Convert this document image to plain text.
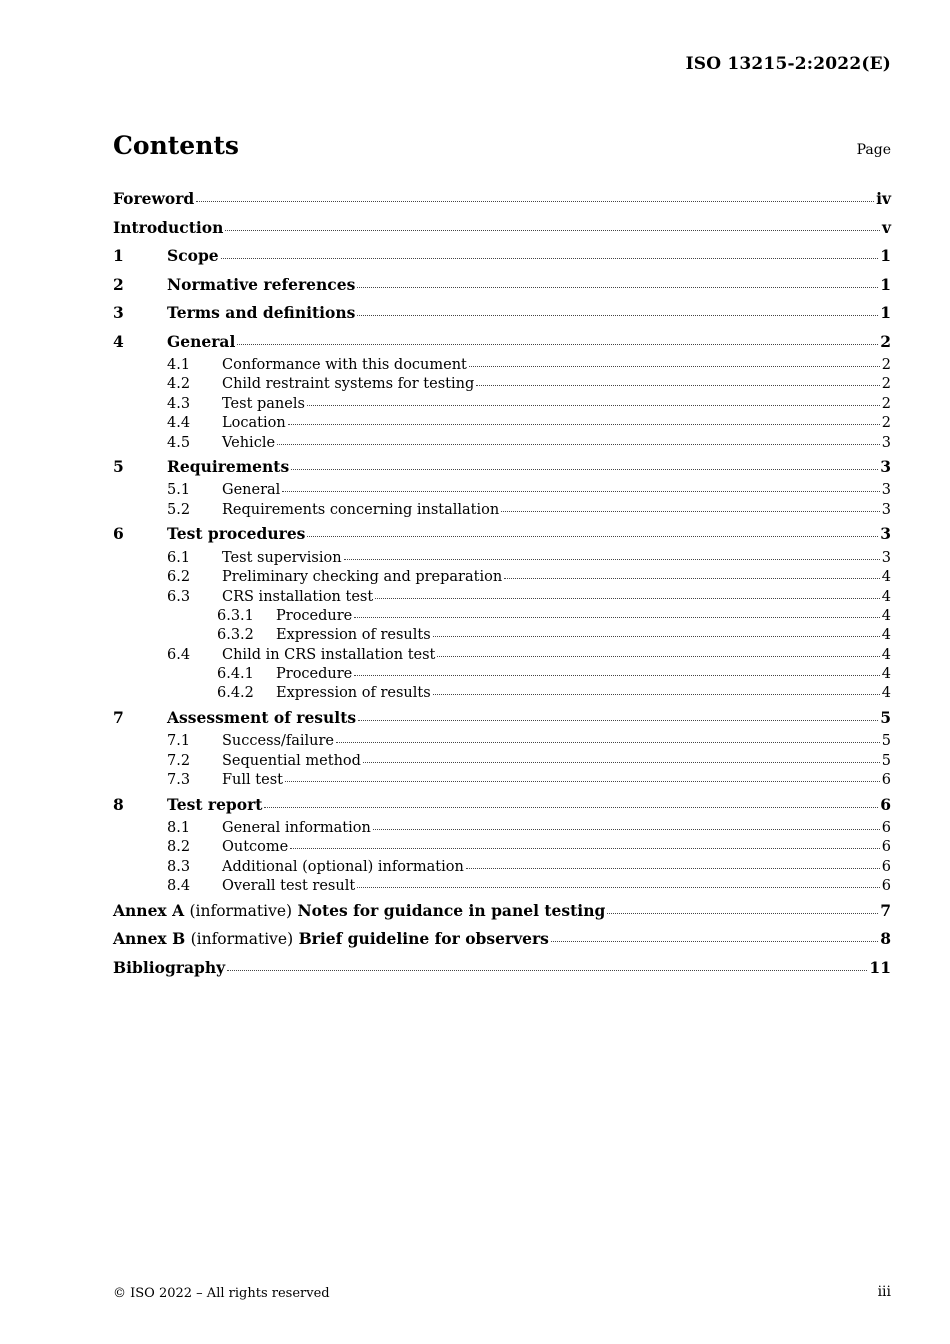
ISO 13215-2:2022(E)
Contents	Page
Foreword	iv
Introduction	v
1	Scope	1
2	Normative references	1
3	Terms and definitions	1
4	General	2
4.1	Conformance with this document	2
4.2	Child restraint systems for testing	2
4.3	Test panels	2
4.4	Location	2
4.5	Vehicle	3
5	Requirements	3
5.1	General	3
5.2	Requirements concerning installation	3
6	Test procedures	3
6.1	Test supervision	3
6.2	Preliminary checking and preparation	4
6.3	CRS installation test	4
6.3.1	Procedure	4
6.3.2	Expression of results	4
6.4	Child in CRS installation test	4
6.4.1	Procedure	4
6.4.2	Expression of results	4
7	Assessment of results	5
7.1	Success/failure	5
7.2	Sequential method	5
7.3	Full test	6
8	Test report	6
8.1	General information	6
8.2	Outcome	6
8.3	Additional (optional) information	6
8.4	Overall test result	6
Annex A (informative) Notes for guidance in panel testing	7
Annex B (informative) Brief guideline for observers	8
Bibliography	11
© ISO 2022 – All rights reserved	iii
